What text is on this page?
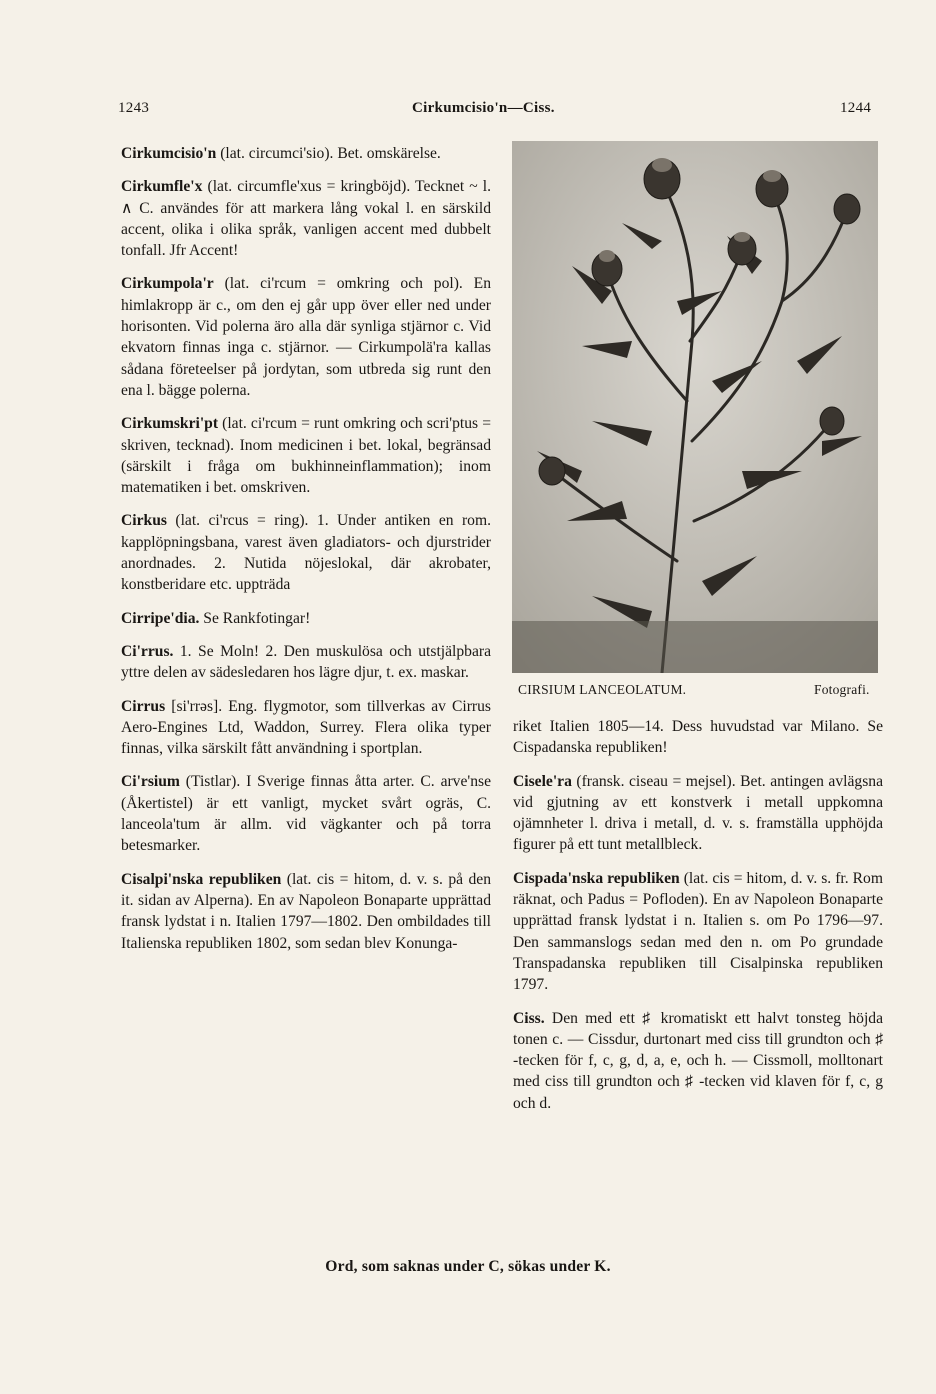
1243	Cirkumcisio'n—Ciss.	1244

Cirkumcisio'n (lat. circumci'sio). Bet. omskärelse.

Cirkumfle'x (lat. circumfle'xus = kringböjd). Tecknet ~ l. ∧ C. användes för att markera lång vokal l. en särskild accent, olika i olika språk, vanligen accent med dubbelt tonfall. Jfr Accent!

Cirkumpola'r (lat. ci'rcum = omkring och pol). En himlakropp är c., om den ej går upp över eller ned under horisonten. Vid polerna äro alla där synliga stjärnor c. Vid ekvatorn finnas inga c. stjärnor. — Cirkumpolä'ra kallas sådana företeelser på jordytan, som utbreda sig runt den ena l. bägge polerna.

Cirkumskri'pt (lat. ci'rcum = runt omkring och scri'ptus = skriven, tecknad). Inom medicinen i bet. lokal, begränsad (särskilt i fråga om bukhinneinflammation); inom matematiken i bet. omskriven.

Cirkus (lat. ci'rcus = ring). 1. Under antiken en rom. kapplöpningsbana, varest även gladiators- och djurstrider anordnades. 2. Nutida nöjeslokal, där akrobater, konstberidare etc. uppträda

Cirripe'dia. Se Rankfotingar!

Ci'rrus. 1. Se Moln! 2. Den muskulösa och utstjälpbara yttre delen av sädesledaren hos lägre djur, t. ex. maskar.

Cirrus [si'rrəs]. Eng. flygmotor, som tillverkas av Cirrus Aero-Engines Ltd, Waddon, Surrey. Flera olika typer finnas, vilka särskilt fått användning i sportplan.

Ci'rsium (Tistlar). I Sverige finnas åtta arter. C. arve'nse (Åkertistel) är ett vanligt, mycket svårt ogräs, C. lanceola'tum är allm. vid vägkanter och på torra betesmarker.

Cisalpi'nska republiken (lat. cis = hitom, d. v. s. på den it. sidan av Alperna). En av Napoleon Bonaparte upprättad fransk lydstat i n. Italien 1797—1802. Den ombildades till Italienska republiken 1802, som sedan blev Konunga-

CIRSIUM LANCEOLATUM.	Fotografi.

riket Italien 1805—14. Dess huvudstad var Milano. Se Cispadanska republiken!

Cisele'ra (fransk. ciseau = mejsel). Bet. antingen avlägsna vid gjutning av ett konstverk i metall uppkomna ojämnheter l. driva i metall, d. v. s. framställa upphöjda figurer på ett tunt metallbleck.

Cispada'nska republiken (lat. cis = hitom, d. v. s. fr. Rom räknat, och Padus = Pofloden). En av Napoleon Bonaparte upprättad fransk lydstat i n. Italien s. om Po 1796—97. Den sammanslogs sedan med den n. om Po grundade Transpadanska republiken till Cisalpinska republiken 1797.

Ciss. Den med ett ♯ kromatiskt ett halvt tonsteg höjda tonen c. — Cissdur, durtonart med ciss till grundton och ♯ -tecken för f, c, g, d, a, e, och h. — Cissmoll, molltonart med ciss till grundton och ♯ -tecken vid klaven för f, c, g och d.

Ord, som saknas under C, sökas under K.
